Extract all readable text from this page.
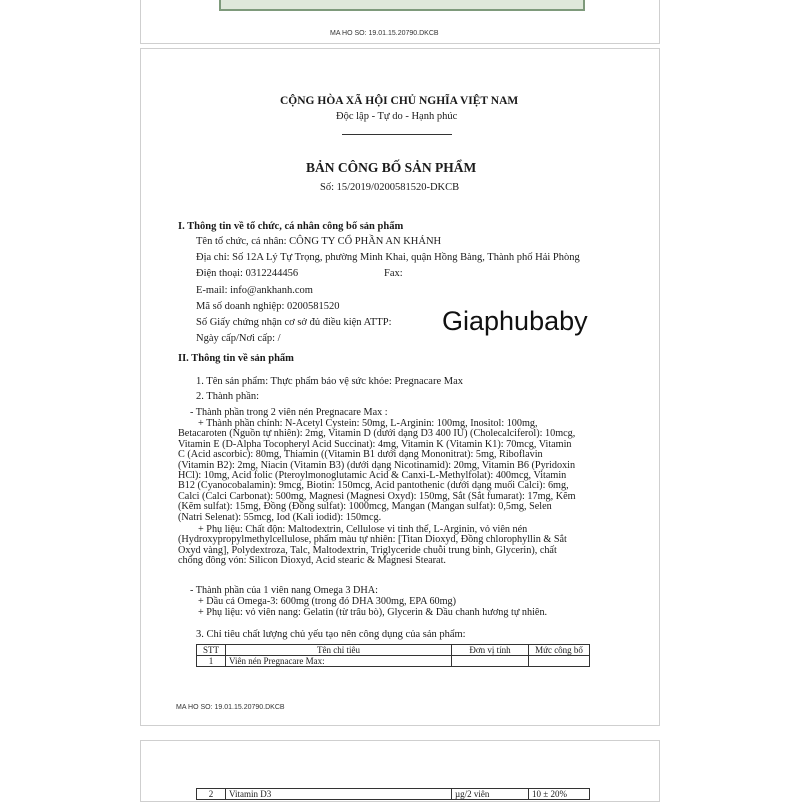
MA HO SO: 19.01.15.20790.DKCB
CỘNG HÒA XÃ HỘI CHỦ NGHĨA VIỆT NAM
Độc lập - Tự do - Hạnh phúc
BẢN CÔNG BỐ SẢN PHẨM
Số: 15/2019/0200581520-DKCB
I. Thông tin về tổ chức, cá nhân công bố sản phẩm
Tên tổ chức, cá nhân: CÔNG TY CỔ PHẦN AN KHÁNH
Địa chỉ: Số 12A Lý Tự Trọng, phường Minh Khai, quận Hồng Bàng, Thành phố Hải Phòng
Điện thoại: 0312244456	Fax:
E-mail: info@ankhanh.com
Mã số doanh nghiệp: 0200581520
Số Giấy chứng nhận cơ sở đủ điều kiện ATTP:
Ngày cấp/Nơi cấp: /
Giaphubaby
II. Thông tin về sản phẩm
1. Tên sản phẩm: Thực phẩm bảo vệ sức khỏe: Pregnacare Max
2. Thành phần:
- Thành phần trong 2 viên nén Pregnacare Max :
+ Thành phần chính: N-Acetyl Cystein: 50mg, L-Arginin: 100mg, Inositol: 100mg,
Betacaroten (Nguồn tự nhiên): 2mg, Vitamin D (dưới dạng D3 400 IU) (Cholecalciferol): 10mcg,
Vitamin E (D-Alpha Tocopheryl Acid Succinat): 4mg, Vitamin K (Vitamin K1): 70mcg, Vitamin
C (Acid ascorbic): 80mg, Thiamin ((Vitamin B1 dưới dạng Mononitrat): 5mg, Riboflavin
(Vitamin B2): 2mg, Niacin (Vitamin B3) (dưới dạng Nicotinamid): 20mg, Vitamin B6 (Pyridoxin
HCl): 10mg, Acid folic (Pteroylmonoglutamic Acid & Canxi-L-Methylfolat): 400mcg, Vitamin
B12 (Cyanocobalamin): 9mcg, Biotin: 150mcg, Acid pantothenic (dưới dạng muối Calci): 6mg,
Calci (Calci Carbonat): 500mg, Magnesi (Magnesi Oxyd): 150mg, Sắt (Sắt fumarat): 17mg, Kẽm
(Kẽm sulfat): 15mg, Đồng (Đồng sulfat): 1000mcg, Mangan (Mangan sulfat): 0,5mg, Selen
(Natri Selenat): 55mcg, Iod (Kali iodid): 150mcg.
+ Phụ liệu: Chất độn: Maltodextrin, Cellulose vi tinh thể, L-Arginin, vỏ viên nén
(Hydroxypropylmethylcellulose, phẩm màu tự nhiên: [Titan Dioxyd, Đồng chlorophyllin & Sắt
Oxyd vàng], Polydextroza, Talc, Maltodextrin, Triglyceride chuỗi trung bình, Glycerin), chất
chống đông vón: Silicon Dioxyd, Acid stearic & Magnesi Stearat.
- Thành phần của 1 viên nang Omega 3 DHA:
+ Dầu cá Omega-3: 600mg (trong đó DHA 300mg, EPA 60mg)
+ Phụ liệu: vỏ viên nang: Gelatin (từ trâu bò), Glycerin & Dầu chanh hương tự nhiên.
3. Chỉ tiêu chất lượng chủ yếu tạo nên công dụng của sản phẩm:
STT	Tên chỉ tiêu	Đơn vị tính	Mức công bố
1	Viên nén Pregnacare Max:		
MA HO SO: 19.01.15.20790.DKCB
2	Vitamin D3	µg/2 viên	10 ± 20%
